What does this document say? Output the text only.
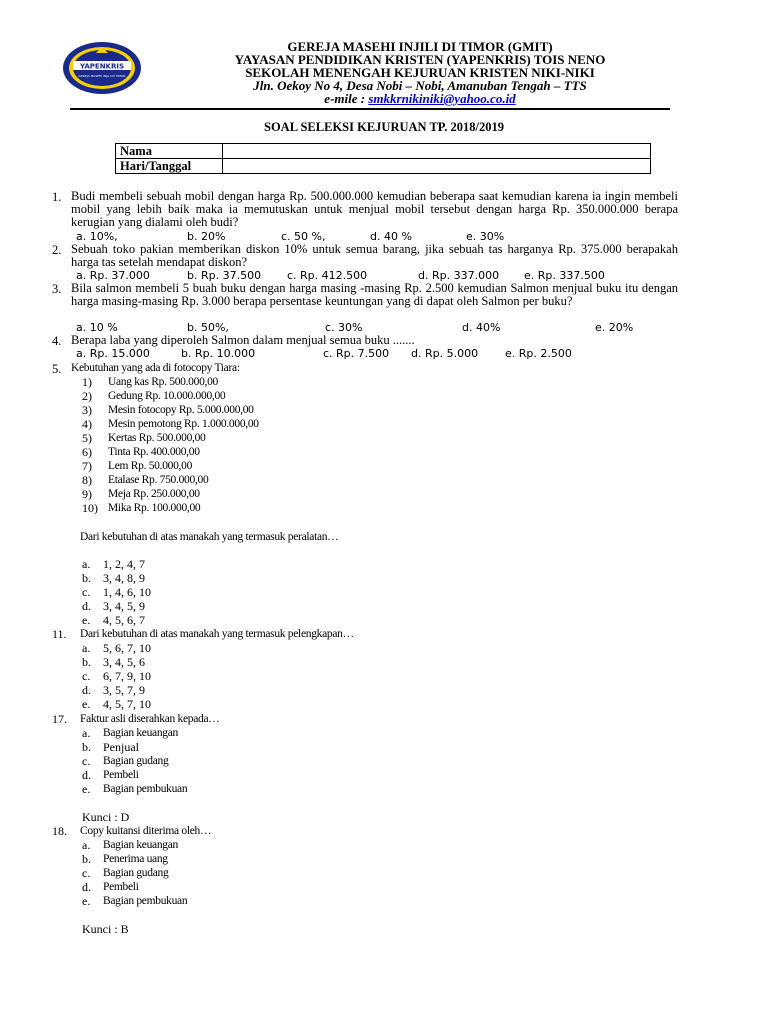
YAPENKRIS
GEREJA MASEHI INJILI DI TIMOR
GEREJA MASEHI INJILI DI TIMOR (GMIT)
YAYASAN PENDIDIKAN KRISTEN (YAPENKRIS) TOIS NENO
SEKOLAH MENENGAH KEJURUAN KRISTEN NIKI-NIKI
Jln. Oekoy No 4, Desa Nobi – Nobi, Amanuban Tengah – TTS
e-mile : smkkrnikiniki@yahoo.co.id
SOAL SELEKSI KEJURUAN TP. 2018/2019
Nama	
Hari/Tanggal	
1. Budi membeli sebuah mobil dengan harga Rp. 500.000.000 kemudian beberapa saat kemudian karena ia ingin membeli mobil yang lebih baik maka ia memutuskan untuk menjual mobil tersebut dengan harga Rp. 350.000.000 berapa kerugian yang dialami oleh budi?
a. 10%,	b. 20%	c. 50 %,	d. 40 %	e. 30%
2. Sebuah toko pakian memberikan diskon 10% untuk semua barang, jika sebuah tas harganya Rp. 375.000 berapakah harga tas setelah mendapat diskon?
a. Rp. 37.000	b. Rp. 37.500 c. Rp. 412.500	d. Rp. 337.000 e. Rp. 337.500
3. Bila salmon membeli 5 buah buku dengan harga masing -masing Rp. 2.500 kemudian Salmon menjual buku itu dengan harga masing-masing Rp. 3.000 berapa persentase keuntungan yang di dapat oleh Salmon per buku?
a. 10 %	b. 50%,	c. 30%	d. 40%	e. 20%
4. Berapa laba yang diperoleh Salmon dalam menjual semua buku .......
a. Rp. 15.000	b. Rp. 10.000	c. Rp. 7.500 d. Rp. 5.000 e. Rp. 2.500
5. Kebutuhan yang ada di fotocopy Tiara:
1) Uang kas Rp. 500.000,00
2) Gedung Rp. 10.000.000,00
3) Mesin fotocopy Rp. 5.000.000,00
4) Mesin pemotong Rp. 1.000.000,00
5) Kertas Rp. 500.000,00
6) Tinta Rp. 400.000,00
7) Lem Rp. 50.000,00
8) Etalase Rp. 750.000,00
9) Meja Rp. 250.000,00
10) Mika Rp. 100.000,00
Dari kebutuhan di atas manakah yang termasuk peralatan…
a. 1, 2, 4, 7
b. 3, 4, 8, 9
c. 1, 4, 6, 10
d. 3, 4, 5, 9
e. 4, 5, 6, 7
11. Dari kebutuhan di atas manakah yang termasuk pelengkapan…
a. 5, 6, 7, 10
b. 3, 4, 5, 6
c. 6, 7, 9, 10
d. 3, 5, 7, 9
e. 4, 5, 7, 10
17. Faktur asli diserahkan kepada…
a. Bagian keuangan
b. Penjual
c. Bagian gudang
d. Pembeli
e. Bagian pembukuan
Kunci : D
18. Copy kuitansi diterima oleh…
a. Bagian keuangan
b. Penerima uang
c. Bagian gudang
d. Pembeli
e. Bagian pembukuan
Kunci : B
